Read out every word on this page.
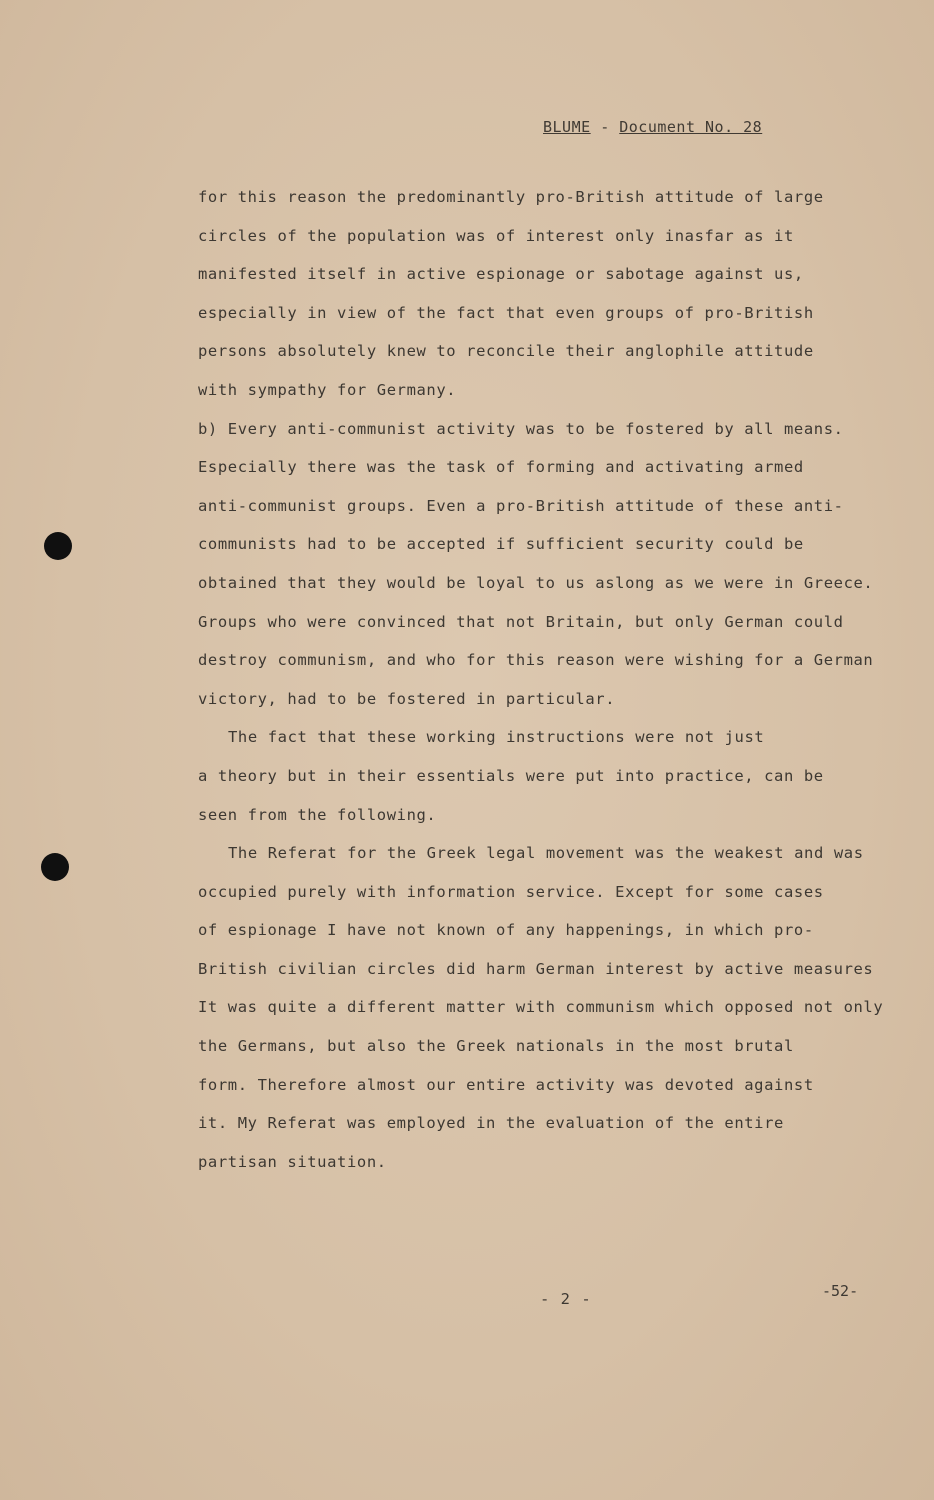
BLUME - Document No. 28
for this reason the predominantly pro-British attitude of large
circles of the population was of interest only inasfar as it
manifested itself in active espionage or sabotage against us,
especially in view of the fact that even groups of pro-British
persons absolutely knew to reconcile their anglophile attitude
with sympathy for Germany.
b) Every anti-communist activity was to be fostered by all means.
Especially there was the task of forming and activating armed
anti-communist groups. Even a pro-British attitude of these anti-
communists had to be accepted if sufficient security could be
obtained that they would be loyal to us aslong as we were in Greece.
Groups who were convinced that not Britain, but only German could
destroy communism, and who for this reason were wishing for a German
victory, had to be fostered in particular.
The fact that these working instructions were not just
a theory but in their essentials were put into practice, can be
seen from the following.
The Referat for the Greek legal movement was the weakest and was
occupied purely with information service. Except for some cases
of espionage I have not known of any happenings, in which pro-
British civilian circles did harm German interest by active measures
It was quite a different matter with communism which opposed not only
the Germans, but also the Greek nationals in the most brutal
form. Therefore almost our entire activity was devoted against
it. My Referat was employed in the evaluation of the entire
partisan situation.
- 2 -	-52-
